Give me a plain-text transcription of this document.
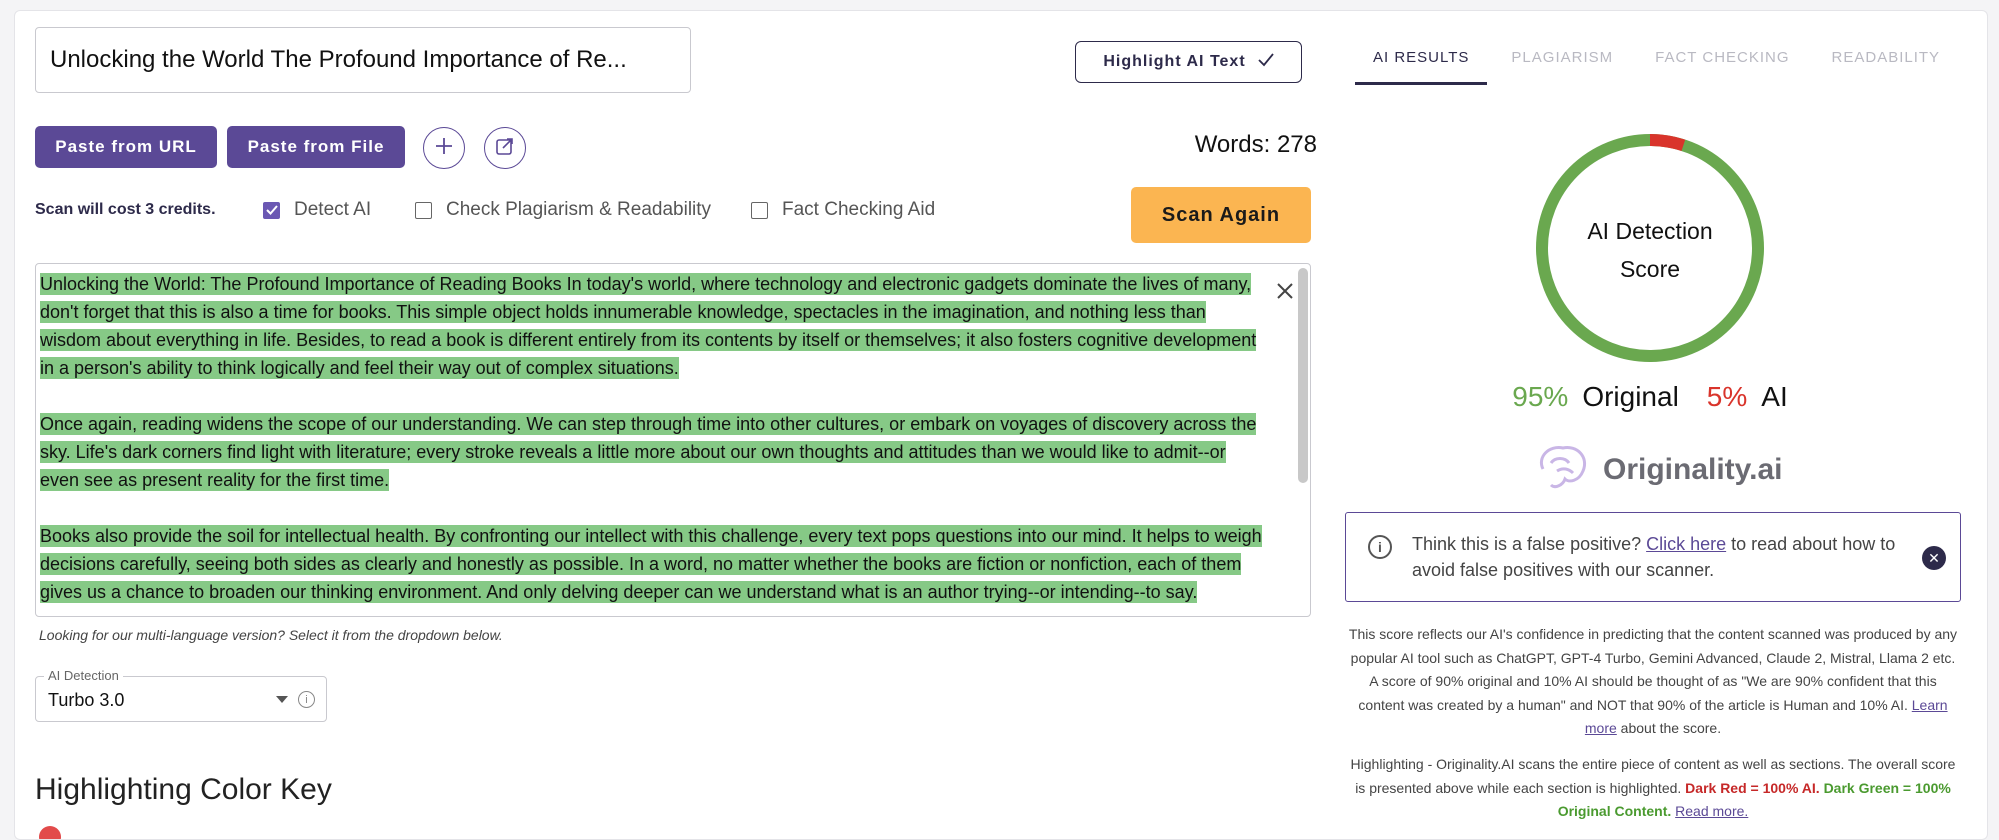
Unlocking the World The Profound Importance of Re...	Highlight AI Text
Paste from URL	Paste from File	Words: 278
Scan will cost 3 credits.	Detect AI	Check Plagiarism & Readability	Fact Checking Aid	Scan Again

Unlocking the World: The Profound Importance of Reading Books In today's world, where technology and electronic gadgets dominate the lives of many, don't forget that this is also a time for books. This simple object holds innumerable knowledge, spectacles in the imagination, and nothing less than wisdom about everything in life. Besides, to read a book is different entirely from its contents by itself or themselves; it also fosters cognitive development in a person's ability to think logically and feel their way out of complex situations.

Once again, reading widens the scope of our understanding. We can step through time into other cultures, or embark on voyages of discovery across the sky. Life's dark corners find light with literature; every stroke reveals a little more about our own thoughts and attitudes than we would like to admit--or even see as present reality for the first time.

Books also provide the soil for intellectual health. By confronting our intellect with this challenge, every text pops questions into our mind. It helps to weigh decisions carefully, seeing both sides as clearly and honestly as possible. In a word, no matter whether the books are fiction or nonfiction, each of them gives us a chance to broaden our thinking environment. And only delving deeper can we understand what is an author trying--or intending--to say.

Looking for our multi-language version? Select it from the dropdown below.
AI Detection
Turbo 3.0	i
Highlighting Color Key
AI RESULTS	PLAGIARISM	FACT CHECKING	READABILITY
AI Detection
Score
95% Original 5% AI
Originality.ai
i	Think this is a false positive? Click here to read about how to avoid false positives with our scanner.
✕
This score reflects our AI's confidence in predicting that the content scanned was produced by any popular AI tool such as ChatGPT, GPT-4 Turbo, Gemini Advanced, Claude 2, Mistral, Llama 2 etc. A score of 90% original and 10% AI should be thought of as "We are 90% confident that this content was created by a human" and NOT that 90% of the article is Human and 10% AI. Learn more about the score.
Highlighting - Originality.AI scans the entire piece of content as well as sections. The overall score is presented above while each section is highlighted. Dark Red = 100% AI. Dark Green = 100% Original Content. Read more.
